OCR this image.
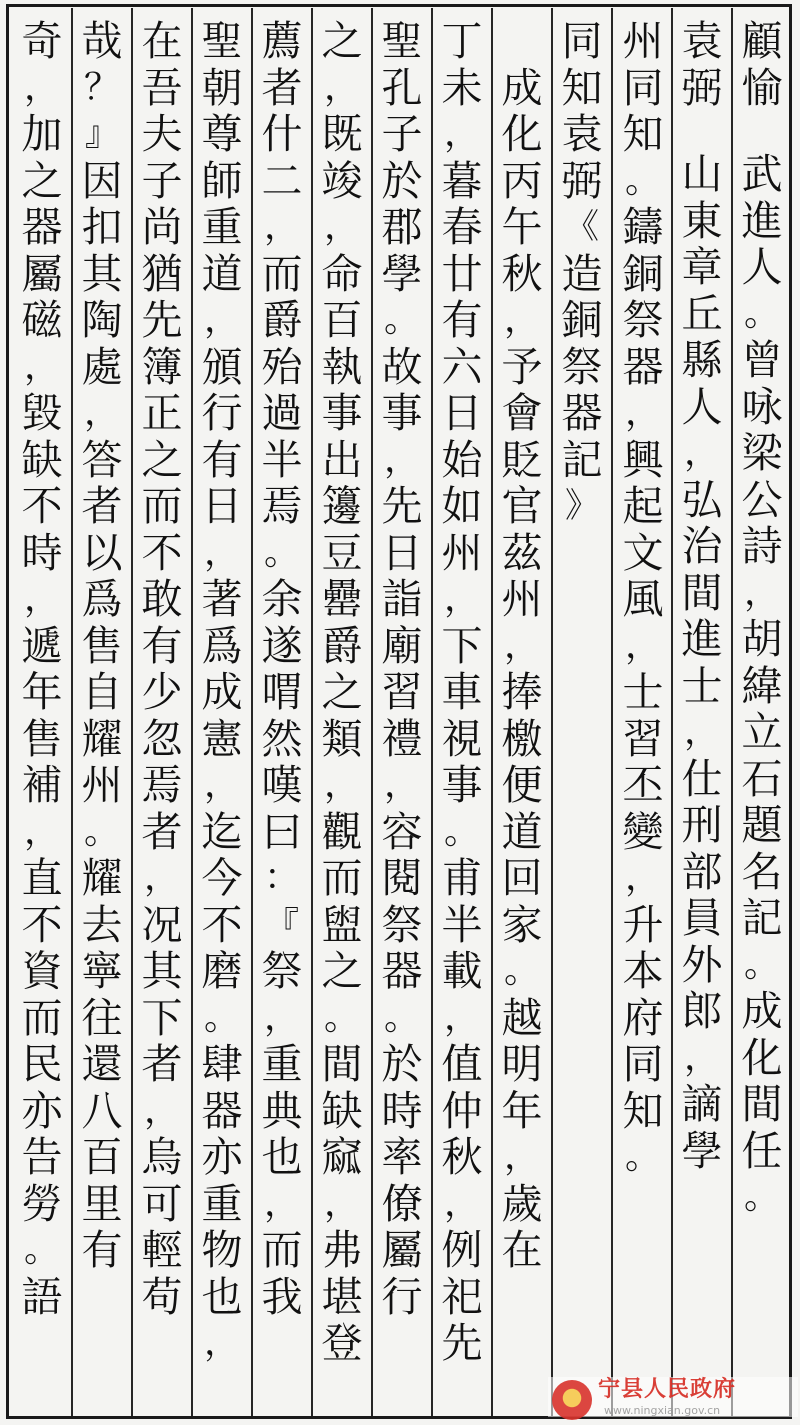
顧
愉
武
進
人
。
曾
咏
梁
公
詩
，
胡
緯
立
石
題
名
記
。
成
化
間
任
。
袁
弼
山
東
章
丘
縣
人
，
弘
治
間
進
士
，
仕
刑
部
員
外
郎
，
謫
學
州
同
知
。
鑄
銅
祭
器
，
興
起
文
風
，
士
習
丕
變
，
升
本
府
同
知
。
同
知
袁
弼
《
造
銅
祭
器
記
》

成
化
丙
午
秋
，
予
會
貶
官
茲
州
，
捧
檄
便
道
回
家
。
越
明
年
，
歲
在
丁
未
，
暮
春
廿
有
六
日
始
如
州
，
下
車
視
事
。
甫
半
載
，
值
仲
秋
，
例
祀
先
聖
孔
子
於
郡
學
。
故
事
，
先
日
詣
廟
習
禮
，
容
閱
祭
器
。
於
時
率
僚
屬
行
之
，
既
竣
，
命
百
執
事
出
籩
豆
罍
爵
之
類
，
觀
而
盥
之
。
間
缺
窳
，
弗
堪
登
薦
者
什
二
，
而
爵
殆
過
半
焉
。
余
遂
喟
然
嘆
曰
：
『
祭
，
重
典
也
，
而
我
聖
朝
尊
師
重
道
，
頒
行
有
日
，
著
爲
成
憲
，
迄
今
不
磨
。
肆
器
亦
重
物
也
，
在
吾
夫
子
尚
猶
先
簿
正
之
而
不
敢
有
少
忽
焉
者
，
况
其
下
者
，
烏
可
輕
苟
哉
？
』
因
扣
其
陶
處
，
答
者
以
爲
售
自
耀
州
。
耀
去
寧
往
還
八
百
里
有
奇
，
加
之
器
屬
磁
，
毀
缺
不
時
，
遞
年
售
補
，
直
不
資
而
民
亦
告
勞
。
語
宁县人民政府
www.ningxian.gov.cn
